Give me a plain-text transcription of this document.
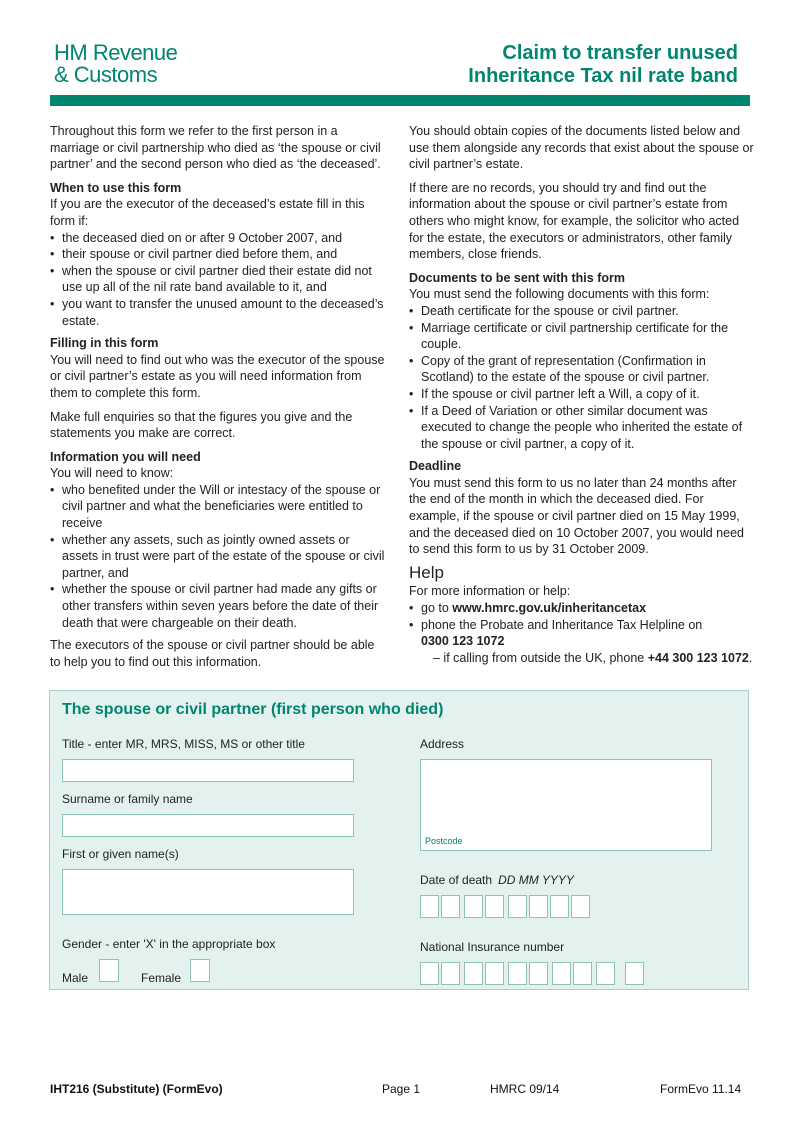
HM Revenue
& Customs
Claim to transfer unused
Inheritance Tax nil rate band

Throughout this form we refer to the first person in a marriage or civil partnership who died as ‘the spouse or civil partner’ and the second person who died as ‘the deceased’.

When to use this form

If you are the executor of the deceased’s estate fill in this form if:

• the deceased died on or after 9 October 2007, and
• their spouse or civil partner died before them, and
• when the spouse or civil partner died their estate did not use up all of the nil rate band available to it, and
• you want to transfer the unused amount to the deceased’s estate.
Filling in this form

You will need to find out who was the executor of the spouse or civil partner’s estate as you will need information from them to complete this form.

Make full enquiries so that the figures you give and the statements you make are correct.

Information you will need

You will need to know:

• who benefited under the Will or intestacy of the spouse or civil partner and what the beneficiaries were entitled to receive
• whether any assets, such as jointly owned assets or assets in trust were part of the estate of the spouse or civil partner, and
• whether the spouse or civil partner had made any gifts or other transfers within seven years before the date of their death that were chargeable on their death.

The executors of the spouse or civil partner should be able to help you to find out this information.

You should obtain copies of the documents listed below and use them alongside any records that exist about the spouse or civil partner’s estate.

If there are no records, you should try and find out the information about the spouse or civil partner’s estate from others who might know, for example, the solicitor who acted for the estate, the executors or administrators, other family members, close friends.

Documents to be sent with this form

You must send the following documents with this form:

• Death certificate for the spouse or civil partner.
• Marriage certificate or civil partnership certificate for the couple.
• Copy of the grant of representation (Confirmation in Scotland) to the estate of the spouse or civil partner.
• If the spouse or civil partner left a Will, a copy of it.
• If a Deed of Variation or other similar document was executed to change the people who inherited the estate of the spouse or civil partner, a copy of it.
Deadline

You must send this form to us no later than 24 months after the end of the month in which the deceased died. For example, if the spouse or civil partner died on 15 May 1999, and the deceased died on 10 October 2007, you would need to send this form to us by 31 October 2009.

Help

For more information or help:

• go to www.hmrc.gov.uk/inheritancetax
• phone the Probate and Inheritance Tax Helpline on
0300 123 1072
– if calling from outside the UK, phone +44 300 123 1072.
The spouse or civil partner (first person who died)
Title - enter MR, MRS, MISS, MS or other title
Surname or family name
First or given name(s)
Gender - enter 'X' in the appropriate box
Male	Female
Address
Postcode
Date of death DD MM YYYY
National Insurance number
IHT216 (Substitute) (FormEvo)	Page 1	HMRC 09/14	FormEvo 11.14
